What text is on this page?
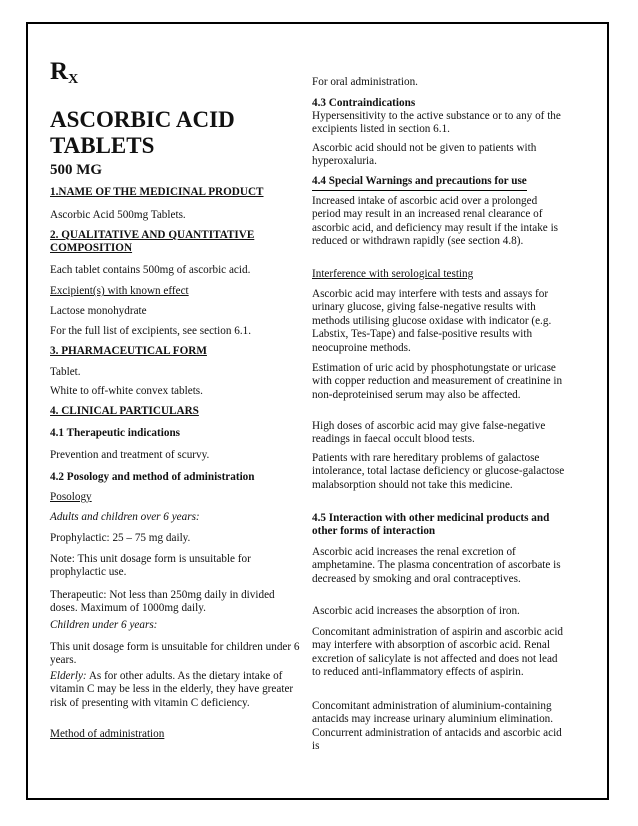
$R_X$
ASCORBIC ACID
TABLETS
500 MG
1.NAME OF THE MEDICINAL PRODUCT
Ascorbic Acid 500mg Tablets.
2. QUALITATIVE AND QUANTITATIVE COMPOSITION
Each tablet contains 500mg of ascorbic acid.
Excipient(s) with known effect
Lactose monohydrate
For the full list of excipients, see section 6.1.
3. PHARMACEUTICAL FORM
Tablet.
White to off-white convex tablets.
4. CLINICAL PARTICULARS
4.1 Therapeutic indications
Prevention and treatment of scurvy.
4.2 Posology and method of administration
Posology
Adults and children over 6 years:
Prophylactic: 25 – 75 mg daily.
Note: This unit dosage form is unsuitable for prophylactic use.
Therapeutic: Not less than 250mg daily in divided doses. Maximum of 1000mg daily.
Children under 6 years:
This unit dosage form is unsuitable for children under 6 years.
Elderly: As for other adults. As the dietary intake of vitamin C may be less in the elderly, they have greater risk of presenting with vitamin C deficiency.
Method of administration
For oral administration.
4.3 Contraindications
Hypersensitivity to the active substance or to any of the excipients listed in section 6.1.
Ascorbic acid should not be given to patients with hyperoxaluria.
4.4 Special Warnings and precautions for use
Increased intake of ascorbic acid over a prolonged period may result in an increased renal clearance of ascorbic acid, and deficiency may result if the intake is reduced or withdrawn rapidly (see section 4.8).
Interference with serological testing
Ascorbic acid may interfere with tests and assays for urinary glucose, giving false-negative results with methods utilising glucose oxidase with indicator (e.g. Labstix, Tes-Tape) and false-positive results with neocuproine methods.
Estimation of uric acid by phosphotungstate or uricase with copper reduction and measurement of creatinine in non-deproteinised serum may also be affected.
High doses of ascorbic acid may give false-negative readings in faecal occult blood tests.
Patients with rare hereditary problems of galactose intolerance, total lactase deficiency or glucose-galactose malabsorption should not take this medicine.
4.5 Interaction with other medicinal products and other forms of interaction
Ascorbic acid increases the renal excretion of amphetamine. The plasma concentration of ascorbate is decreased by smoking and oral contraceptives.
Ascorbic acid increases the absorption of iron.
Concomitant administration of aspirin and ascorbic acid may interfere with absorption of ascorbic acid. Renal excretion of salicylate is not affected and does not lead to reduced anti-inflammatory effects of aspirin.
Concomitant administration of aluminium-containing antacids may increase urinary aluminium elimination. Concurrent administration of antacids and ascorbic acid is
